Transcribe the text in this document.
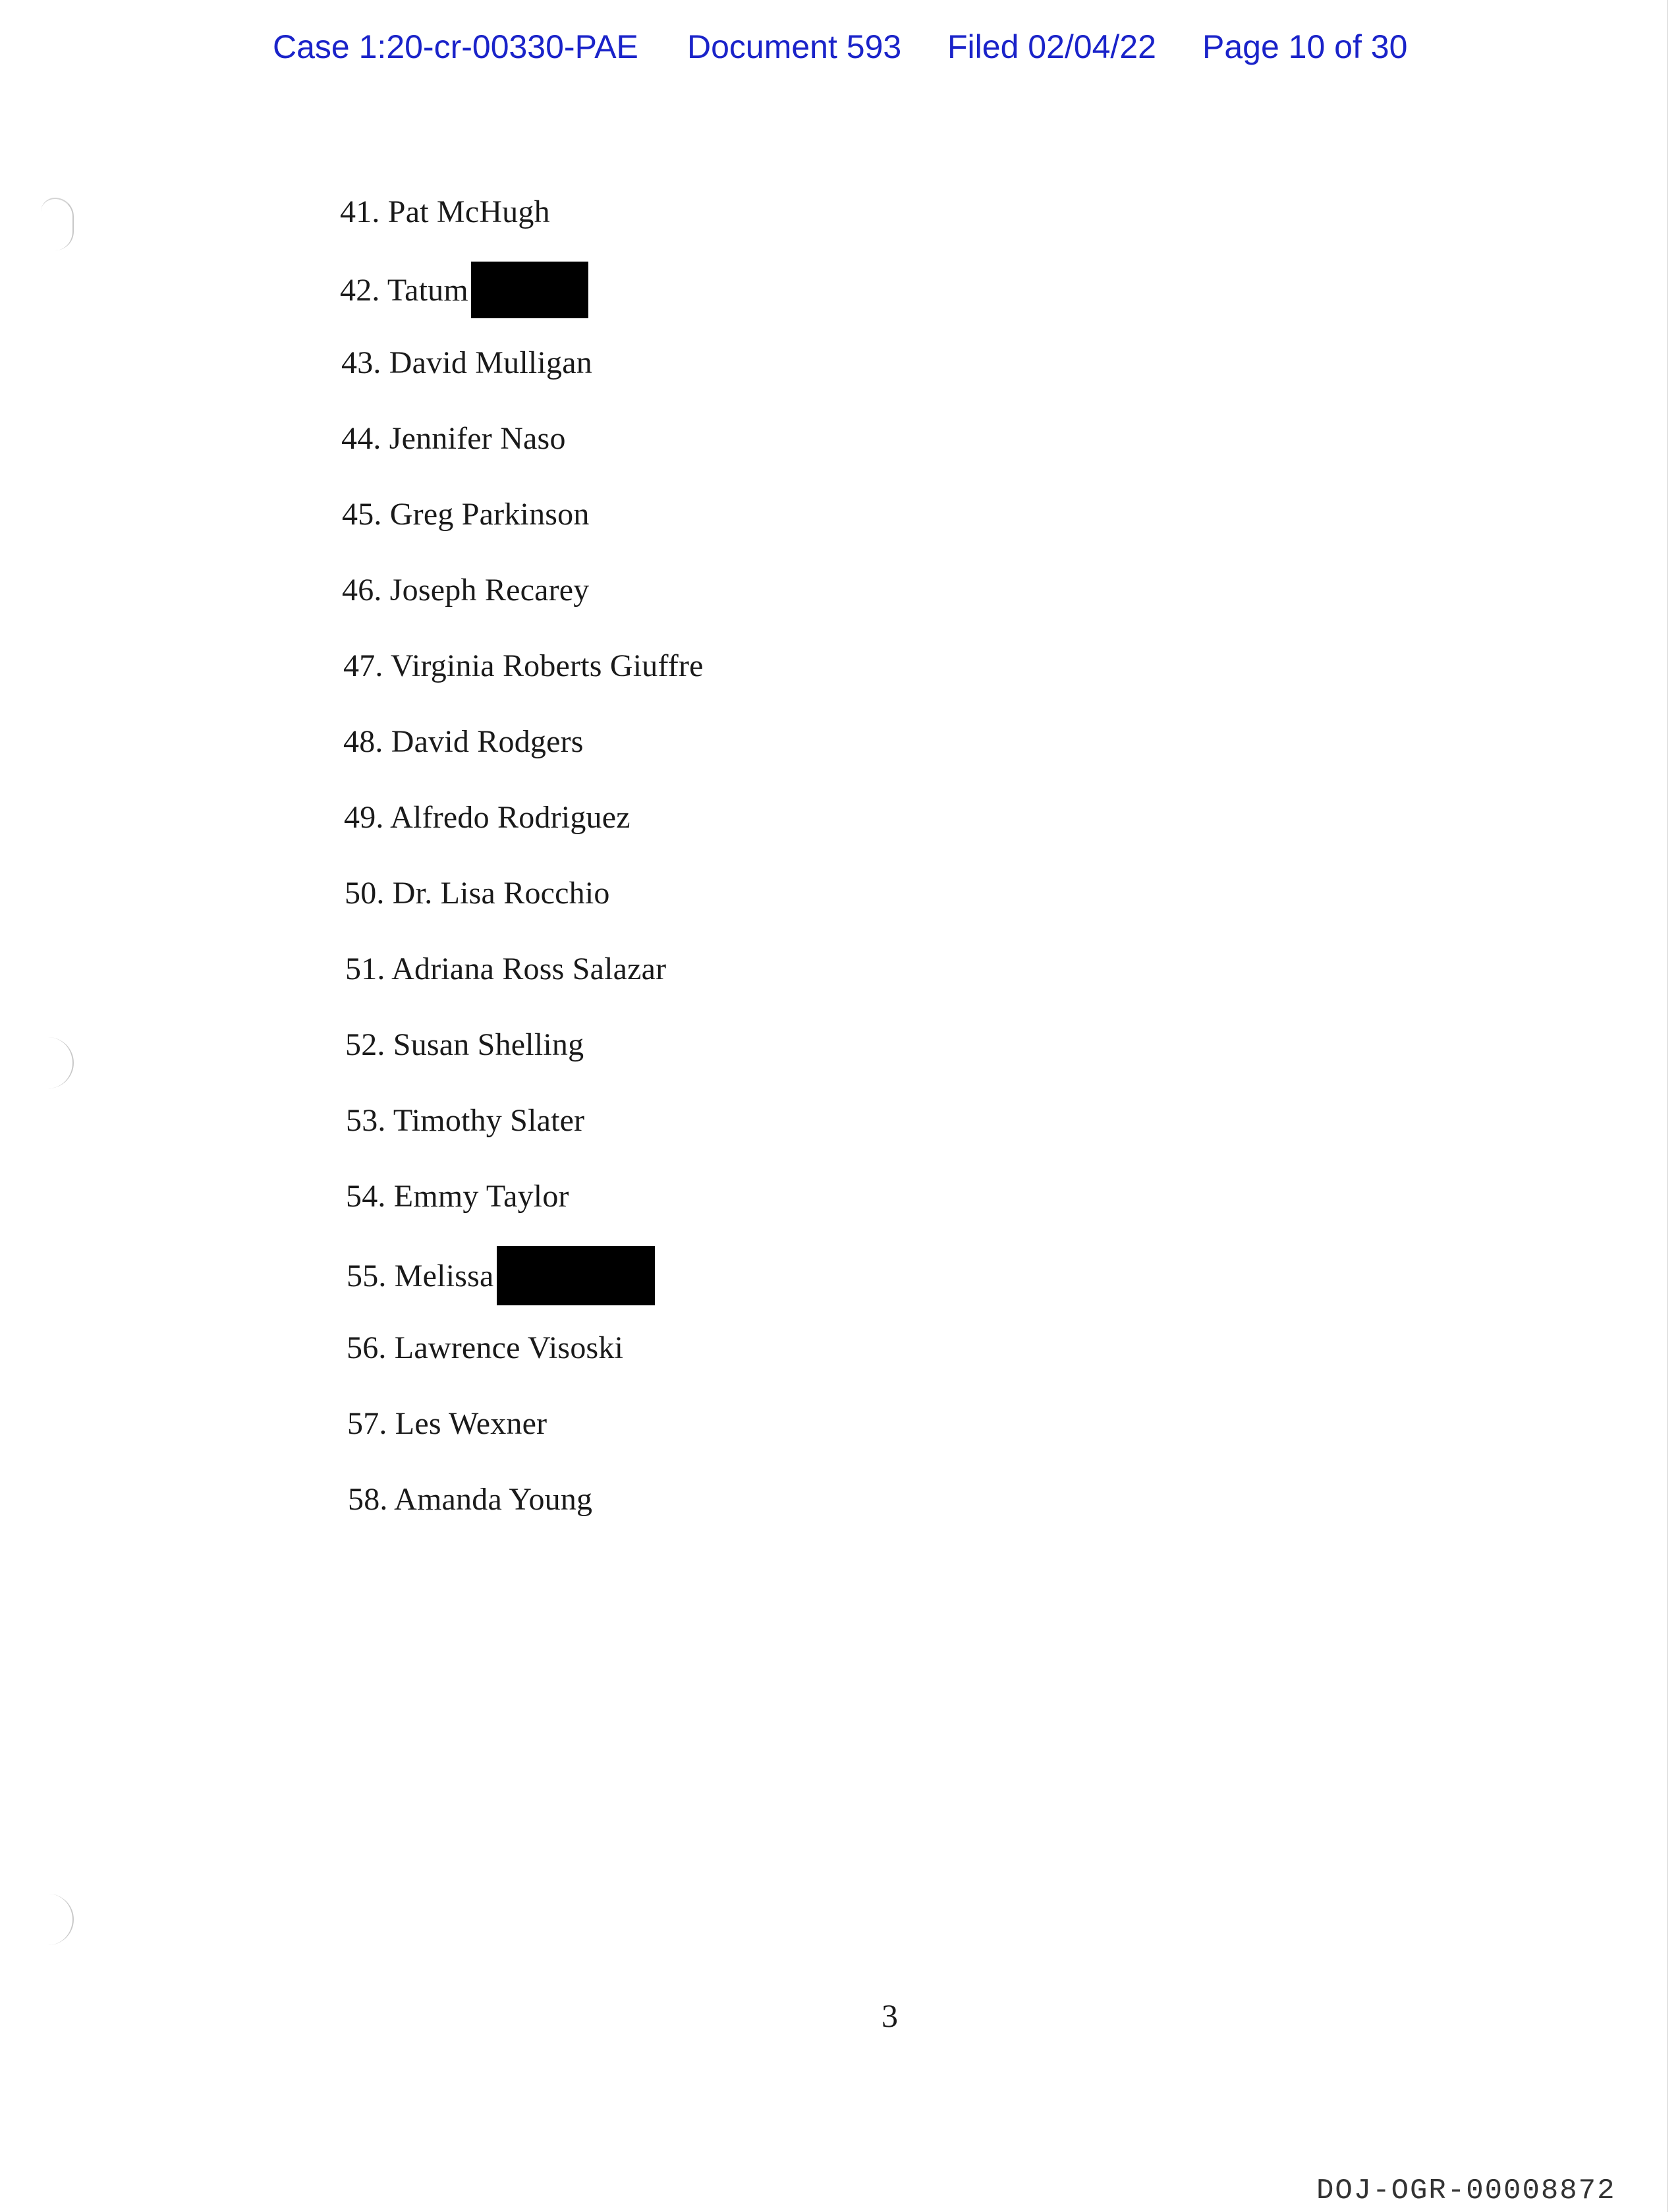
Case 1:20-cr-00330-PAE Document 593 Filed 02/04/22 Page 10 of 30
41. Pat McHugh
42. Tatum
43. David Mulligan
44. Jennifer Naso
45. Greg Parkinson
46. Joseph Recarey
47. Virginia Roberts Giuffre
48. David Rodgers
49. Alfredo Rodriguez
50. Dr. Lisa Rocchio
51. Adriana Ross Salazar
52. Susan Shelling
53. Timothy Slater
54. Emmy Taylor
55. Melissa
56. Lawrence Visoski
57. Les Wexner
58. Amanda Young
3
DOJ-OGR-00008872
